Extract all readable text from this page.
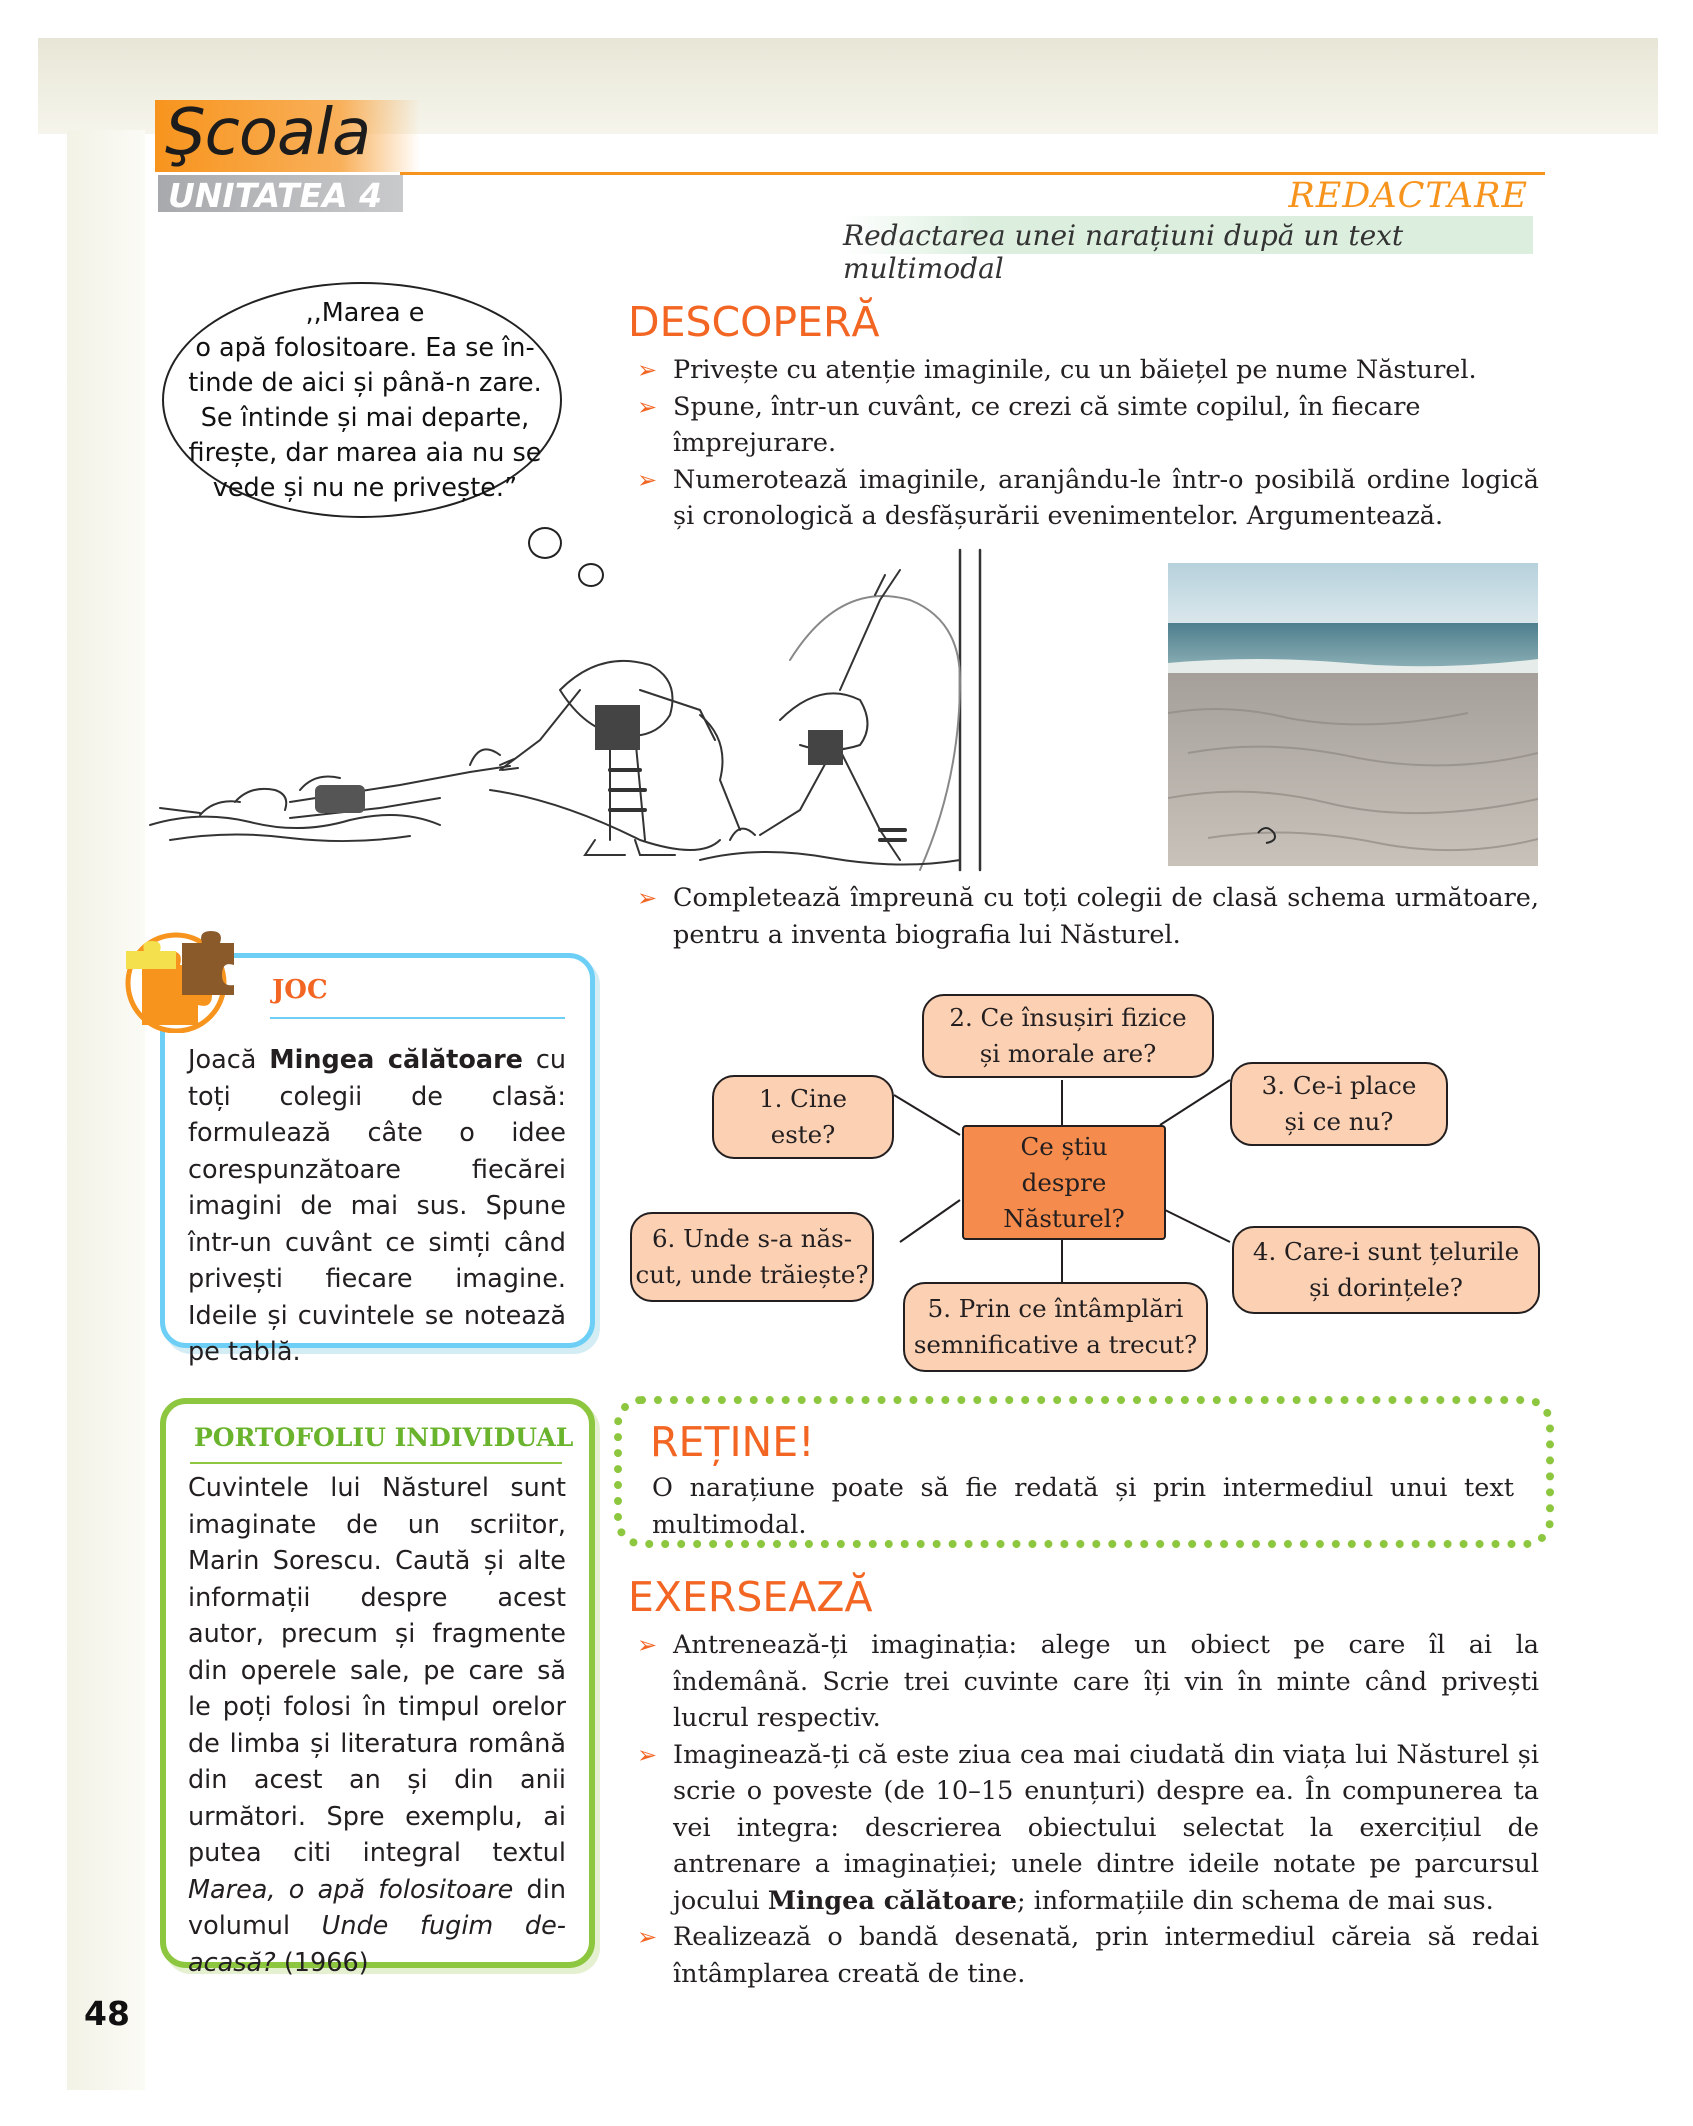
Şcoala
UNITATEA 4	REDACTARE
Redactarea unei narațiuni după un text multimodal
,,Marea e
o apă folositoare. Ea se în-
tinde de aici și până-n zare.
Se întinde și mai departe,
firește, dar marea aia nu se
vede și nu ne privește.”
DESCOPERĂ
➢ Privește cu atenție imaginile, cu un băiețel pe nume Năsturel.
➢ Spune, într-un cuvânt, ce crezi că simte copilul, în fiecare împrejurare.
➢ Numerotează imaginile, aranjându-le într-o posibilă ordine logică și cronologică a desfășurării evenimentelor. Argumentează.
➢ Completează împreună cu toți colegii de clasă schema următoare, pentru a inventa biografia lui Năsturel.
JOC
Joacă Mingea călătoare cu toți colegii de clasă: formulează câte o idee corespunzătoare fiecărei imagini de mai sus. Spune într-un cuvânt ce simți când privești fiecare imagine. Ideile și cuvintele se notează pe tablă.
2. Ce însușiri fizice
și morale are?
1. Cine
este?
3. Ce-i place
și ce nu?
Ce știu
despre
Năsturel?
6. Unde s-a năs-
cut, unde trăiește?
4. Care-i sunt țelurile
și dorințele?
5. Prin ce întâmplări
semnificative a trecut?
PORTOFOLIU INDIVIDUAL
Cuvintele lui Năsturel sunt imaginate de un scriitor, Marin Sorescu. Caută și alte informații despre acest autor, precum și fragmente din operele sale, pe care să le poți folosi în timpul orelor de limba și literatura română din acest an și din anii următori. Spre exemplu, ai putea citi integral textul Marea, o apă folositoare din volumul Unde fugim de-acasă? (1966)
REȚINE!
O narațiune poate să fie redată și prin intermediul unui text multimodal.
EXERSEAZĂ
➢ Antrenează-ți imaginația: alege un obiect pe care îl ai la îndemână. Scrie trei cuvinte care îți vin în minte când privești lucrul respectiv.
➢ Imaginează-ți că este ziua cea mai ciudată din viața lui Năsturel și scrie o poveste (de 10–15 enunțuri) despre ea. În compunerea ta vei integra: descrierea obiectului selectat la exercițiul de antrenare a imaginației; unele dintre ideile notate pe parcursul jocului Mingea călătoare; informațiile din schema de mai sus.
➢ Realizează o bandă desenată, prin intermediul căreia să redai întâmplarea creată de tine.
48
